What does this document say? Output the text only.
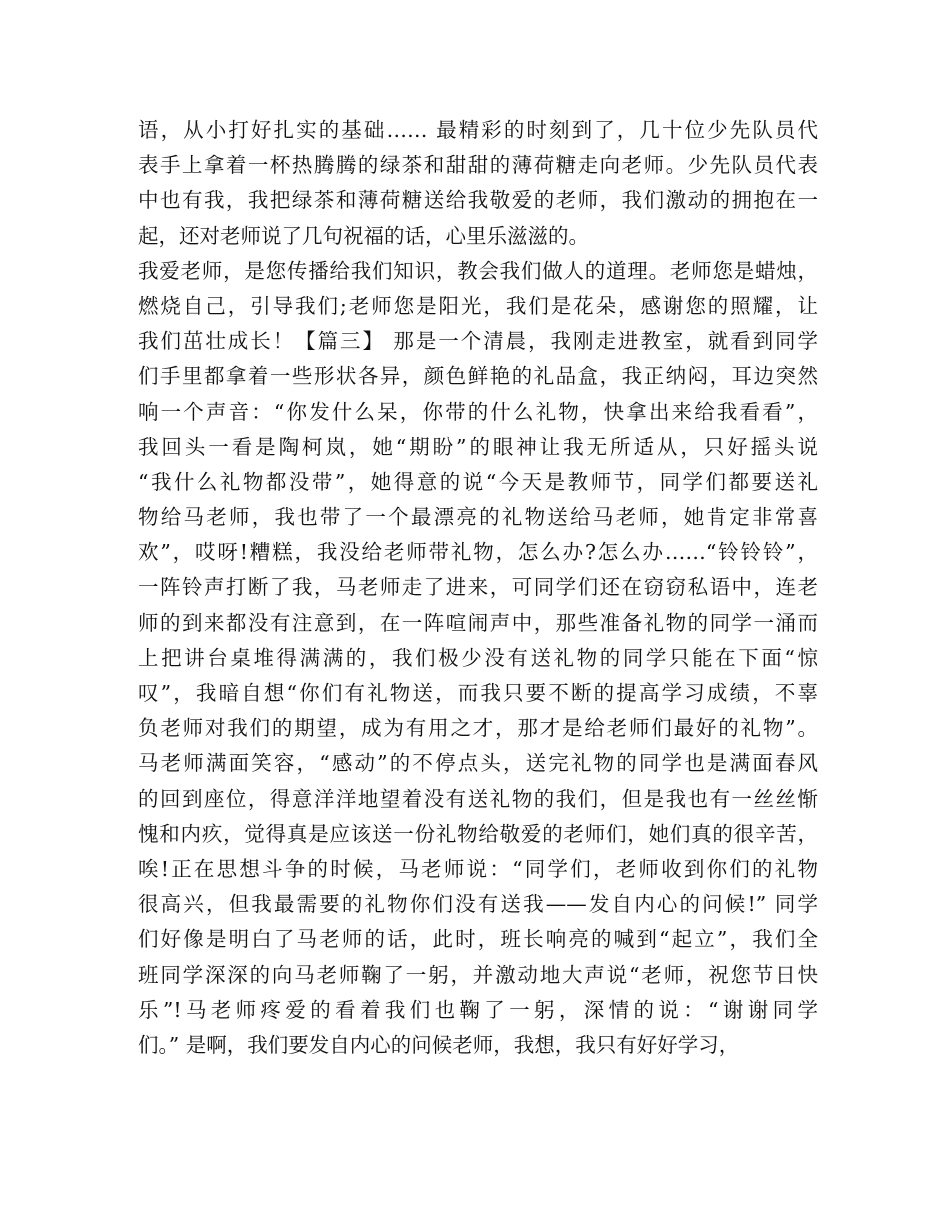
语，从小打好扎实的基础…… 最精彩的时刻到了，几十位少先队员代
表手上拿着一杯热腾腾的绿茶和甜甜的薄荷糖走向老师。少先队员代表
中也有我，我把绿茶和薄荷糖送给我敬爱的老师，我们激动的拥抱在一
起，还对老师说了几句祝福的话，心里乐滋滋的。
我爱老师，是您传播给我们知识，教会我们做人的道理。老师您是蜡烛，
燃烧自己，引导我们;老师您是阳光，我们是花朵，感谢您的照耀，让
我们茁壮成长！【篇三】 那是一个清晨，我刚走进教室，就看到同学
们手里都拿着一些形状各异，颜色鲜艳的礼品盒，我正纳闷，耳边突然
响一个声音：“你发什么呆，你带的什么礼物，快拿出来给我看看”，
我回头一看是陶柯岚，她“期盼”的眼神让我无所适从，只好摇头说
“我什么礼物都没带”，她得意的说“今天是教师节，同学们都要送礼
物给马老师，我也带了一个最漂亮的礼物送给马老师，她肯定非常喜
欢”，哎呀!糟糕，我没给老师带礼物，怎么办?怎么办……“铃铃铃”，
一阵铃声打断了我，马老师走了进来，可同学们还在窃窃私语中，连老
师的到来都没有注意到，在一阵喧闹声中，那些准备礼物的同学一涌而
上把讲台桌堆得满满的，我们极少没有送礼物的同学只能在下面“惊
叹”，我暗自想“你们有礼物送，而我只要不断的提高学习成绩，不辜
负老师对我们的期望，成为有用之才，那才是给老师们最好的礼物”。
马老师满面笑容，“感动”的不停点头，送完礼物的同学也是满面春风
的回到座位，得意洋洋地望着没有送礼物的我们，但是我也有一丝丝惭
愧和内疚，觉得真是应该送一份礼物给敬爱的老师们，她们真的很辛苦，
唉!正在思想斗争的时候，马老师说：“同学们，老师收到你们的礼物
很高兴，但我最需要的礼物你们没有送我——发自内心的问候!” 同学
们好像是明白了马老师的话，此时，班长响亮的喊到“起立”，我们全
班同学深深的向马老师鞠了一躬，并激动地大声说“老师，祝您节日快
乐”!马老师疼爱的看着我们也鞠了一躬，深情的说：“谢谢同学
们。” 是啊，我们要发自内心的问候老师，我想，我只有好好学习，
